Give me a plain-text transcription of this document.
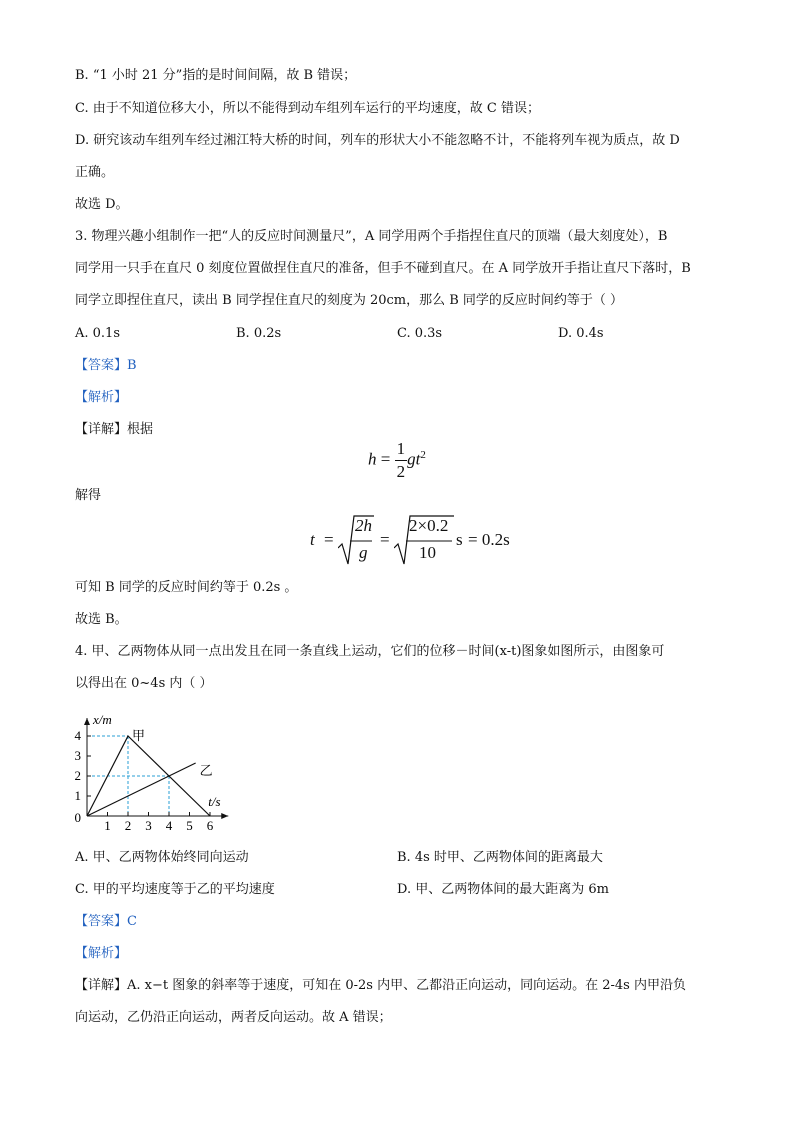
B. “1 小时 21 分”指的是时间间隔，故 B 错误；
C. 由于不知道位移大小，所以不能得到动车组列车运行的平均速度，故 C 错误；
D. 研究该动车组列车经过湘江特大桥的时间，列车的形状大小不能忽略不计，不能将列车视为质点，故 D
正确。
故选 D。
3. 物理兴趣小组制作一把“人的反应时间测量尺”，A 同学用两个手指捏住直尺的顶端（最大刻度处），B
同学用一只手在直尺 0 刻度位置做捏住直尺的准备，但手不碰到直尺。在 A 同学放开手指让直尺下落时，B
同学立即捏住直尺，读出 B 同学捏住直尺的刻度为 20cm，那么 B 同学的反应时间约等于（ ）
A. 0.1s	B. 0.2s	C. 0.3s	D. 0.4s
【答案】B
【解析】
【详解】根据
$h = \frac{1}{2} gt^2$
解得
t =
2h
g
=
2×0.2
10
s = 0.2s
可知 B 同学的反应时间约等于 0.2s 。
故选 B。
4. 甲、乙两物体从同一点出发且在同一条直线上运动，它们的位移－时间(x-t)图象如图所示，由图象可
以得出在 0~4s 内（ ）
1 2 3 4 5 6
1
2
3
4
0
x/m
t/s
甲
乙
A. 甲、乙两物体始终同向运动	B. 4s 时甲、乙两物体间的距离最大
C. 甲的平均速度等于乙的平均速度	D. 甲、乙两物体间的最大距离为 6m
【答案】C
【解析】
【详解】A. x−t 图象的斜率等于速度，可知在 0-2s 内甲、乙都沿正向运动，同向运动。在 2-4s 内甲沿负
向运动，乙仍沿正向运动，两者反向运动。故 A 错误；
